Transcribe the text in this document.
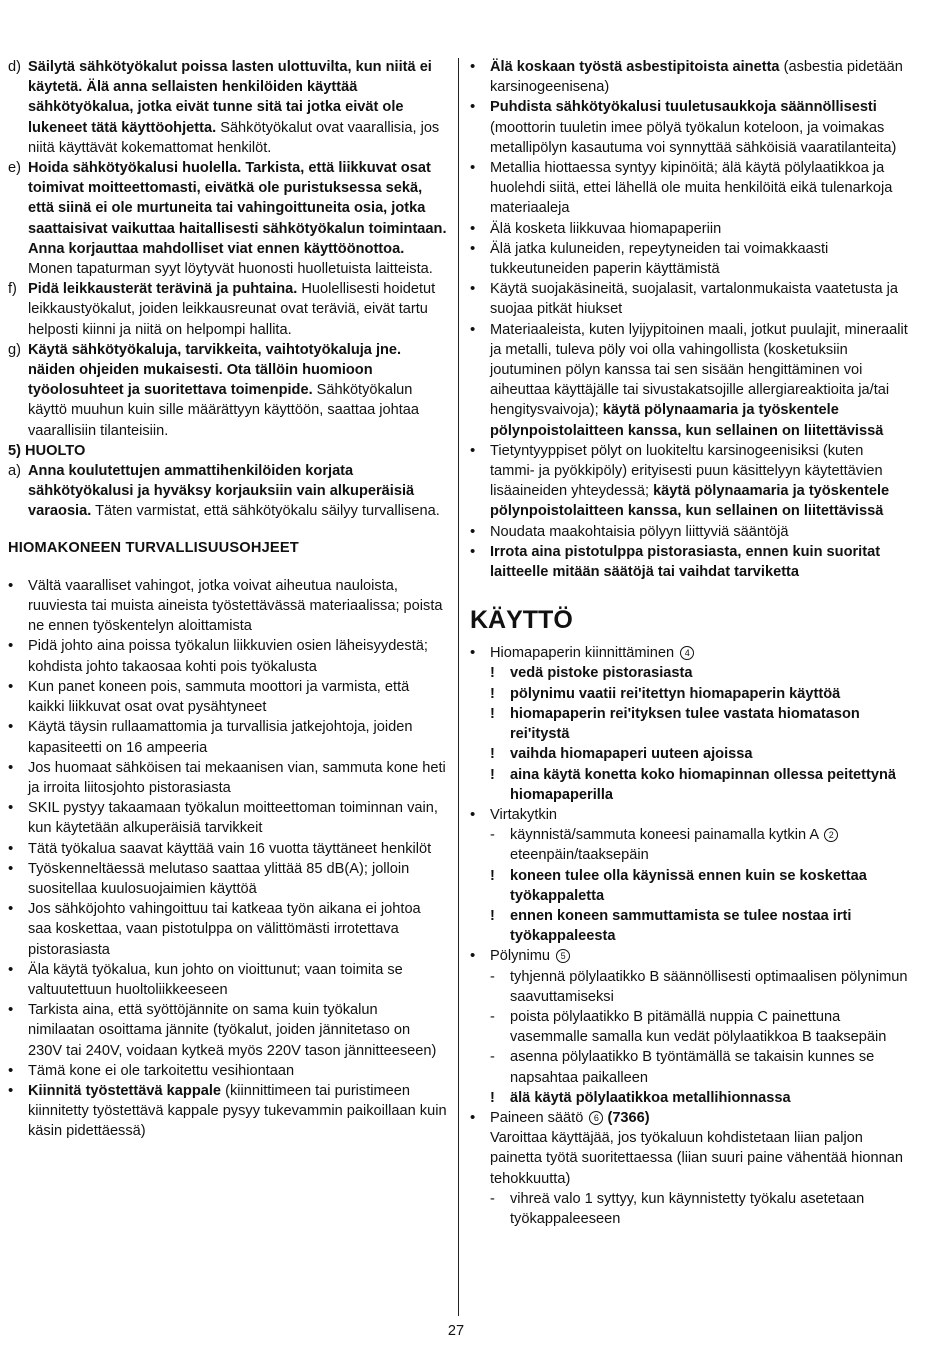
d) Säilytä sähkötyökalut poissa lasten ulottuvilta, kun niitä ei käytetä. Älä anna sellaisten henkilöiden käyttää sähkötyökalua, jotka eivät tunne sitä tai jotka eivät ole lukeneet tätä käyttöohjetta. Sähkötyökalut ovat vaarallisia, jos niitä käyttävät kokemattomat henkilöt.
e) Hoida sähkötyökalusi huolella. Tarkista, että liikkuvat osat toimivat moitteettomasti, eivätkä ole puristuksessa sekä, että siinä ei ole murtuneita tai vahingoittuneita osia, jotka saattaisivat vaikuttaa haitallisesti sähkötyökalun toimintaan. Anna korjauttaa mahdolliset viat ennen käyttöönottoa. Monen tapaturman syyt löytyvät huonosti huolletuista laitteista.
f) Pidä leikkausterät terävinä ja puhtaina. Huolellisesti hoidetut leikkaustyökalut, joiden leikkausreunat ovat teräviä, eivät tartu helposti kiinni ja niitä on helpompi hallita.
g) Käytä sähkötyökaluja, tarvikkeita, vaihtotyökaluja jne. näiden ohjeiden mukaisesti. Ota tällöin huomioon työolosuhteet ja suoritettava toimenpide. Sähkötyökalun käyttö muuhun kuin sille määrättyyn käyttöön, saattaa johtaa vaarallisiin tilanteisiin.
5) HUOLTO
a) Anna koulutettujen ammattihenkilöiden korjata sähkötyökalusi ja hyväksy korjauksiin vain alkuperäisiä varaosia. Täten varmistat, että sähkötyökalu säilyy turvallisena.
HIOMAKONEEN TURVALLISUUSOHJEET
•	Vältä vaaralliset vahingot, jotka voivat aiheutua nauloista, ruuviesta tai muista aineista työstettävässä materiaalissa; poista ne ennen työskentelyn aloittamista
•	Pidä johto aina poissa työkalun liikkuvien osien läheisyydestä; kohdista johto takaosaa kohti pois työkalusta
•	Kun panet koneen pois, sammuta moottori ja varmista, että kaikki liikkuvat osat ovat pysähtyneet
•	Käytä täysin rullaamattomia ja turvallisia jatkejohtoja, joiden kapasiteetti on 16 ampeeria
•	Jos huomaat sähköisen tai mekaanisen vian, sammuta kone heti ja irroita liitosjohto pistorasiasta
•	SKIL pystyy takaamaan työkalun moitteettoman toiminnan vain, kun käytetään alkuperäisiä tarvikkeit
•	Tätä työkalua saavat käyttää vain 16 vuotta täyttäneet henkilöt
•	Työskenneltäessä melutaso saattaa ylittää 85 dB(A); jolloin suositellaa kuulosuojaimien käyttöä
•	Jos sähköjohto vahingoittuu tai katkeaa työn aikana ei johtoa saa koskettaa, vaan pistotulppa on välittömästi irrotettava pistorasiasta
•	Äla käytä työkalua, kun johto on vioittunut; vaan toimita se valtuutettuun huoltoliikkeeseen
•	Tarkista aina, että syöttöjännite on sama kuin työkalun nimilaatan osoittama jännite (työkalut, joiden jännitetaso on 230V tai 240V, voidaan kytkeä myös 220V tason jännitteeseen)
•	Tämä kone ei ole tarkoitettu vesihiontaan
•	Kiinnitä työstettävä kappale (kiinnittimeen tai puristimeen kiinnitetty työstettävä kappale pysyy tukevammin paikoillaan kuin käsin pidettäessä)
•	Älä koskaan työstä asbestipitoista ainetta (asbestia pidetään karsinogeenisena)
•	Puhdista sähkötyökalusi tuuletusaukkoja säännöllisesti (moottorin tuuletin imee pölyä työkalun koteloon, ja voimakas metallipölyn kasautuma voi synnyttää sähköisiä vaaratilanteita)
•	Metallia hiottaessa syntyy kipinöitä; älä käytä pölylaatikkoa ja huolehdi siitä, ettei lähellä ole muita henkilöitä eikä tulenarkoja materiaaleja
•	Älä kosketa liikkuvaa hiomapaperiin
•	Älä jatka kuluneiden, repeytyneiden tai voimakkaasti tukkeutuneiden paperin käyttämistä
•	Käytä suojakäsineitä, suojalasit, vartalonmukaista vaatetusta ja suojaa pitkät hiukset
•	Materiaaleista, kuten lyijypitoinen maali, jotkut puulajit, mineraalit ja metalli, tuleva pöly voi olla vahingollista (kosketuksiin joutuminen pölyn kanssa tai sen sisään hengittäminen voi aiheuttaa käyttäjälle tai sivustakatsojille allergiareaktioita ja/tai hengitysvaivoja); käytä pölynaamaria ja työskentele pölynpoistolaitteen kanssa, kun sellainen on liitettävissä
•	Tietyntyyppiset pölyt on luokiteltu karsinogeenisiksi (kuten tammi- ja pyökkipöly) erityisesti puun käsittelyyn käytettävien lisäaineiden yhteydessä; käytä pölynaamaria ja työskentele pölynpoistolaitteen kanssa, kun sellainen on liitettävissä
•	Noudata maakohtaisia pölyyn liittyviä sääntöjä
•	Irrota aina pistotulppa pistorasiasta, ennen kuin suoritat laitteelle mitään säätöjä tai vaihdat tarviketta
KÄYTTÖ
•	Hiomapaperin kiinnittäminen 4
!	vedä pistoke pistorasiasta
!	pölynimu vaatii rei'itettyn hiomapaperin käyttöä
!	hiomapaperin rei'ityksen tulee vastata hiomatason rei'itystä
!	vaihda hiomapaperi uuteen ajoissa
!	aina käytä konetta koko hiomapinnan ollessa peitettynä hiomapaperilla
•	Virtakytkin
-	käynnistä/sammuta koneesi painamalla kytkin A 2 eteenpäin/taaksepäin
!	koneen tulee olla käynissä ennen kuin se koskettaa työkappaletta
!	ennen koneen sammuttamista se tulee nostaa irti työkappaleesta
•	Pölynimu 5
-	tyhjennä pölylaatikko B säännöllisesti optimaalisen pölynimun saavuttamiseksi
-	poista pölylaatikko B pitämällä nuppia C painettuna vasemmalle samalla kun vedät pölylaatikkoa B taaksepäin
-	asenna pölylaatikko B työntämällä se takaisin kunnes se napsahtaa paikalleen
!	älä käytä pölylaatikkoa metallihionnassa
•	Paineen säätö 6 (7366)
Varoittaa käyttäjää, jos työkaluun kohdistetaan liian paljon painetta työtä suoritettaessa (liian suuri paine vähentää hionnan tehokkuutta)
-	vihreä valo 1 syttyy, kun käynnistetty työkalu asetetaan työkappaleeseen
27
